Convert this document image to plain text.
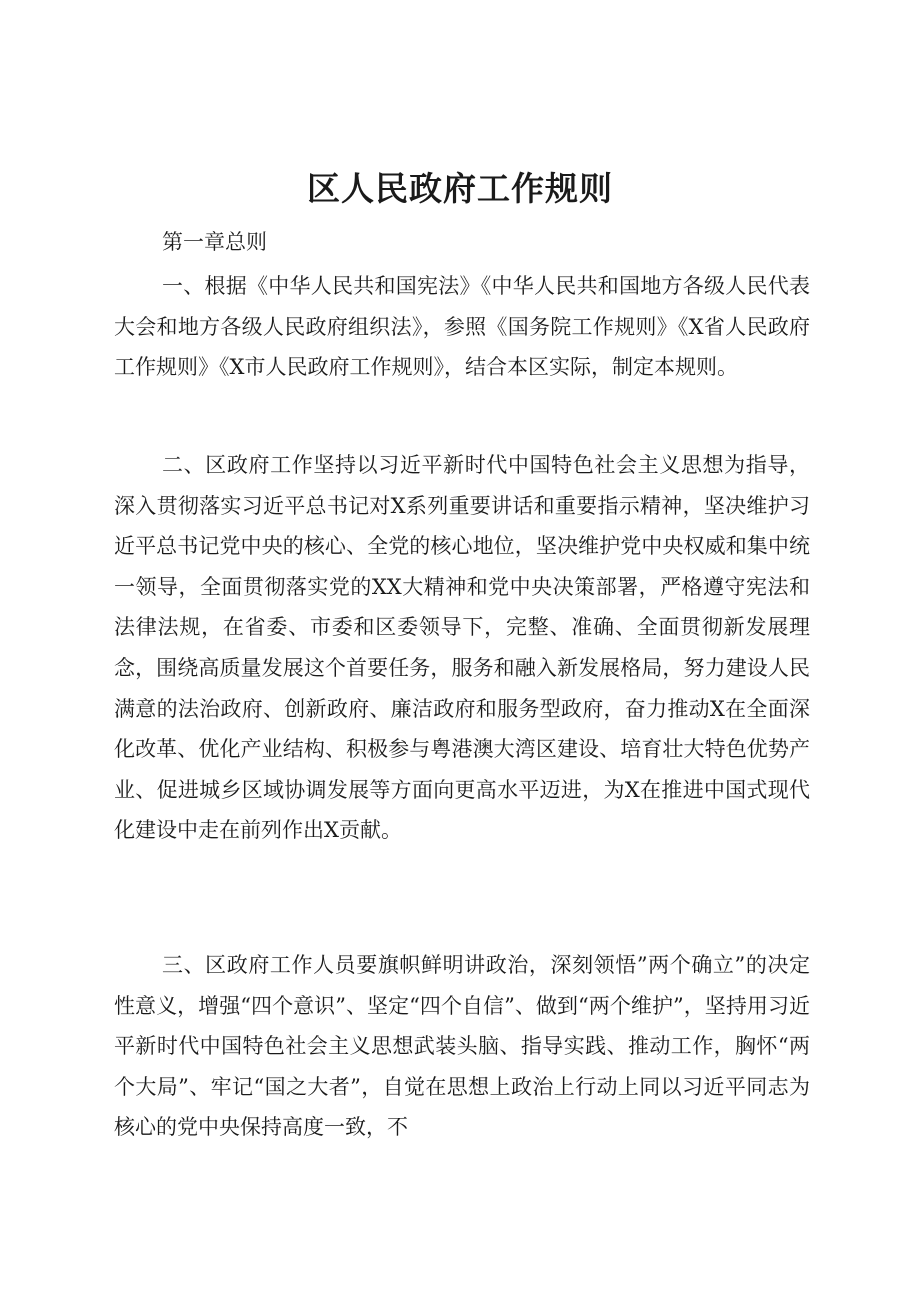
区人民政府工作规则

第一章总则

一、根据《中华人民共和国宪法》《中华人民共和国地方各级人民代表大会和地方各级人民政府组织法》，参照《国务院工作规则》《X省人民政府工作规则》《X市人民政府工作规则》，结合本区实际，制定本规则。

二、区政府工作坚持以习近平新时代中国特色社会主义思想为指导，深入贯彻落实习近平总书记对X系列重要讲话和重要指示精神，坚决维护习近平总书记党中央的核心、全党的核心地位，坚决维护党中央权威和集中统一领导，全面贯彻落实党的XX大精神和党中央决策部署，严格遵守宪法和法律法规，在省委、市委和区委领导下，完整、准确、全面贯彻新发展理念，围绕高质量发展这个首要任务，服务和融入新发展格局，努力建设人民满意的法治政府、创新政府、廉洁政府和服务型政府，奋力推动X在全面深化改革、优化产业结构、积极参与粤港澳大湾区建设、培育壮大特色优势产业、促进城乡区域协调发展等方面向更高水平迈进，为X在推进中国式现代化建设中走在前列作出X贡献。

三、区政府工作人员要旗帜鲜明讲政治，深刻领悟”两个确立”的决定性意义，增强“四个意识”、坚定“四个自信”、做到“两个维护”，坚持用习近平新时代中国特色社会主义思想武装头脑、指导实践、推动工作，胸怀“两个大局”、牢记“国之大者”，自觉在思想上政治上行动上同以习近平同志为核心的党中央保持高度一致，不
